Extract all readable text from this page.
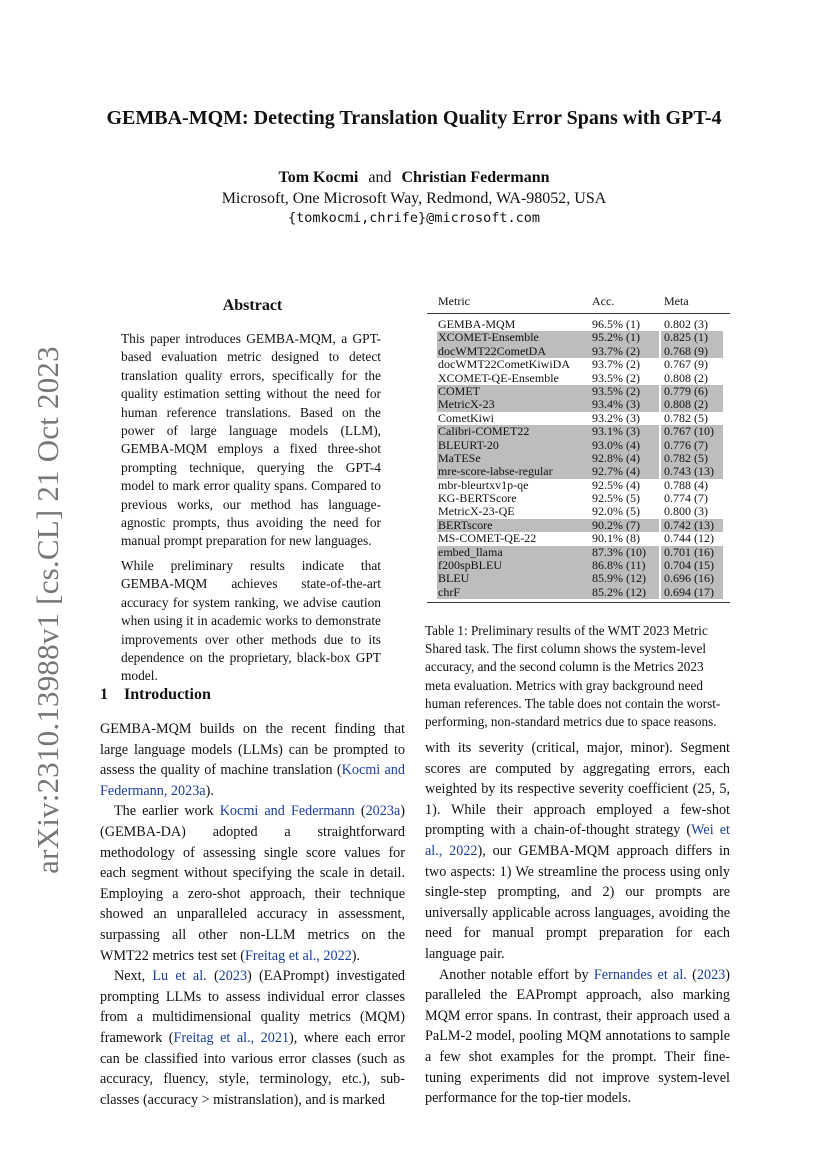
arXiv:2310.13988v1 [cs.CL] 21 Oct 2023
GEMBA-MQM: Detecting Translation Quality Error Spans with GPT-4
Tom Kocmi and Christian Federmann
Microsoft, One Microsoft Way, Redmond, WA-98052, USA
{tomkocmi,chrife}@microsoft.com
Abstract

This paper introduces GEMBA-MQM, a GPT-based evaluation metric designed to detect translation quality errors, specifically for the quality estimation setting without the need for human reference translations. Based on the power of large language models (LLM), GEMBA-MQM employs a fixed three-shot prompting technique, querying the GPT-4 model to mark error quality spans. Compared to previous works, our method has language-agnostic prompts, thus avoiding the need for manual prompt preparation for new languages.

While preliminary results indicate that GEMBA-MQM achieves state-of-the-art accuracy for system ranking, we advise caution when using it in academic works to demonstrate improvements over other methods due to its dependence on the proprietary, black-box GPT model.

1 Introduction

GEMBA-MQM builds on the recent finding that large language models (LLMs) can be prompted to assess the quality of machine translation (Kocmi and Federmann, 2023a).

The earlier work Kocmi and Federmann (2023a) (GEMBA-DA) adopted a straightforward methodology of assessing single score values for each segment without specifying the scale in detail. Employing a zero-shot approach, their technique showed an unparalleled accuracy in assessment, surpassing all other non-LLM metrics on the WMT22 metrics test set (Freitag et al., 2022).

Next, Lu et al. (2023) (EAPrompt) investigated prompting LLMs to assess individual error classes from a multidimensional quality metrics (MQM) framework (Freitag et al., 2021), where each error can be classified into various error classes (such as accuracy, fluency, style, terminology, etc.), sub-classes (accuracy > mistranslation), and is marked

Metric	Acc.	Meta
GEMBA-MQM	96.5% (1) 0.802 (3)
XCOMET-Ensemble	95.2% (1) 0.825 (1)
docWMT22CometDA	93.7% (2) 0.768 (9)
docWMT22CometKiwiDA 93.7% (2) 0.767 (9)
XCOMET-QE-Ensemble	93.5% (2) 0.808 (2)
COMET	93.5% (2) 0.779 (6)
MetricX-23	93.4% (3) 0.808 (2)
CometKiwi	93.2% (3) 0.782 (5)
Calibri-COMET22	93.1% (3) 0.767 (10)
BLEURT-20	93.0% (4) 0.776 (7)
MaTESe	92.8% (4) 0.782 (5)
mre-score-labse-regular	92.7% (4) 0.743 (13)
mbr-bleurtxv1p-qe	92.5% (4) 0.788 (4)
KG-BERTScore	92.5% (5) 0.774 (7)
MetricX-23-QE	92.0% (5) 0.800 (3)
BERTscore	90.2% (7) 0.742 (13)
MS-COMET-QE-22	90.1% (8) 0.744 (12)
embed_llama	87.3% (10) 0.701 (16)
f200spBLEU	86.8% (11) 0.704 (15)
BLEU	85.9% (12) 0.696 (16)
chrF	85.2% (12) 0.694 (17)
Table 1: Preliminary results of the WMT 2023 Metric Shared task. The first column shows the system-level accuracy, and the second column is the Metrics 2023 meta evaluation. Metrics with gray background need human references. The table does not contain the worst-performing, non-standard metrics due to space reasons.

with its severity (critical, major, minor). Segment scores are computed by aggregating errors, each weighted by its respective severity coefficient (25, 5, 1). While their approach employed a few-shot prompting with a chain-of-thought strategy (Wei et al., 2022), our GEMBA-MQM approach differs in two aspects: 1) We streamline the process using only single-step prompting, and 2) our prompts are universally applicable across languages, avoiding the need for manual prompt preparation for each language pair.

Another notable effort by Fernandes et al. (2023) paralleled the EAPrompt approach, also marking MQM error spans. In contrast, their approach used a PaLM-2 model, pooling MQM annotations to sample a few shot examples for the prompt. Their fine-tuning experiments did not improve system-level performance for the top-tier models.
